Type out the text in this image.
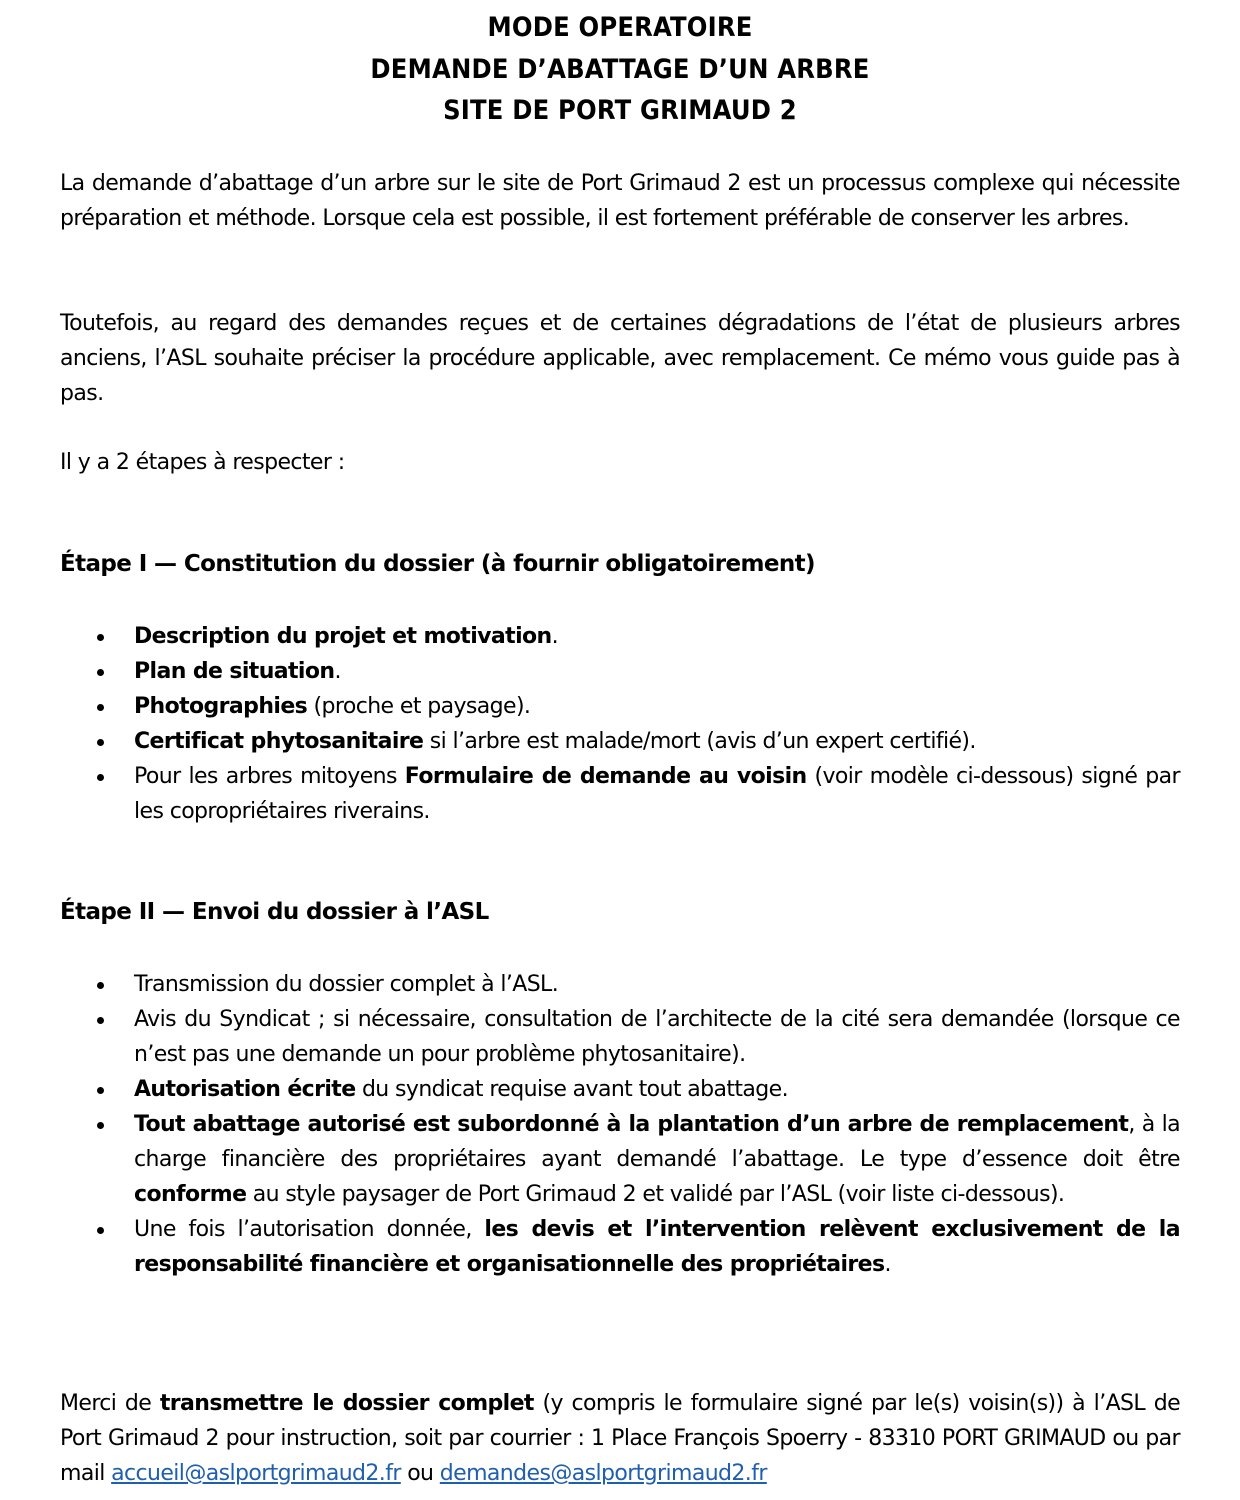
MODE OPERATOIRE
DEMANDE D’ABATTAGE D’UN ARBRE
SITE DE PORT GRIMAUD 2

La demande d’abattage d’un arbre sur le site de Port Grimaud 2 est un processus complexe qui nécessite préparation et méthode. Lorsque cela est possible, il est fortement préférable de conserver les arbres.

Toutefois, au regard des demandes reçues et de certaines dégradations de l’état de plusieurs arbres anciens, l’ASL souhaite préciser la procédure applicable, avec remplacement. Ce mémo vous guide pas à pas.

Il y a 2 étapes à respecter :

Étape I — Constitution du dossier (à fournir obligatoirement)
Description du projet et motivation.
Plan de situation.
Photographies (proche et paysage).
Certificat phytosanitaire si l’arbre est malade/mort (avis d’un expert certifié).
Pour les arbres mitoyens Formulaire de demande au voisin (voir modèle ci-dessous) signé par les copropriétaires riverains.
Étape II — Envoi du dossier à l’ASL
Transmission du dossier complet à l’ASL.
Avis du Syndicat ; si nécessaire, consultation de l’architecte de la cité sera demandée (lorsque ce n’est pas une demande un pour problème phytosanitaire).
Autorisation écrite du syndicat requise avant tout abattage.
Tout abattage autorisé est subordonné à la plantation d’un arbre de remplacement, à la charge financière des propriétaires ayant demandé l’abattage. Le type d’essence doit être conforme au style paysager de Port Grimaud 2 et validé par l’ASL (voir liste ci-dessous).
Une fois l’autorisation donnée, les devis et l’intervention relèvent exclusivement de la responsabilité financière et organisationnelle des propriétaires.

Merci de transmettre le dossier complet (y compris le formulaire signé par le(s) voisin(s)) à l’ASL de Port Grimaud 2 pour instruction, soit par courrier : 1 Place François Spoerry - 83310 PORT GRIMAUD ou par mail accueil@aslportgrimaud2.fr ou demandes@aslportgrimaud2.fr
